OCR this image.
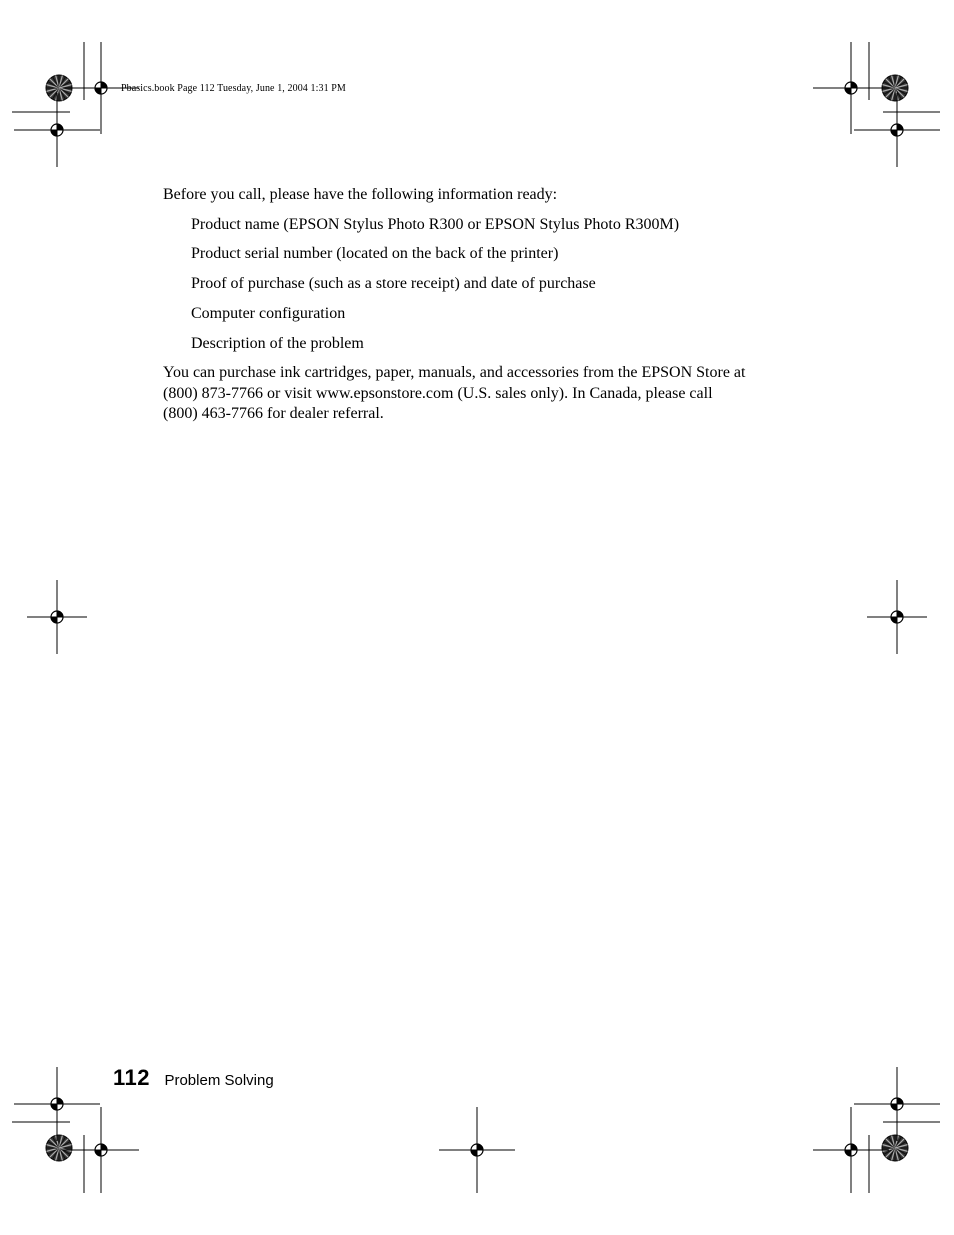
Pbasics.book Page 112 Tuesday, June 1, 2004 1:31 PM

Before you call, please have the following information ready:

Product name (EPSON Stylus Photo R300 or EPSON Stylus Photo R300M)
Product serial number (located on the back of the printer)
Proof of purchase (such as a store receipt) and date of purchase
Computer configuration
Description of the problem

You can purchase ink cartridges, paper, manuals, and accessories from the EPSON Store at
(800) 873-7766 or visit www.epsonstore.com (U.S. sales only). In Canada, please call
(800) 463-7766 for dealer referral.

112 Problem Solving
